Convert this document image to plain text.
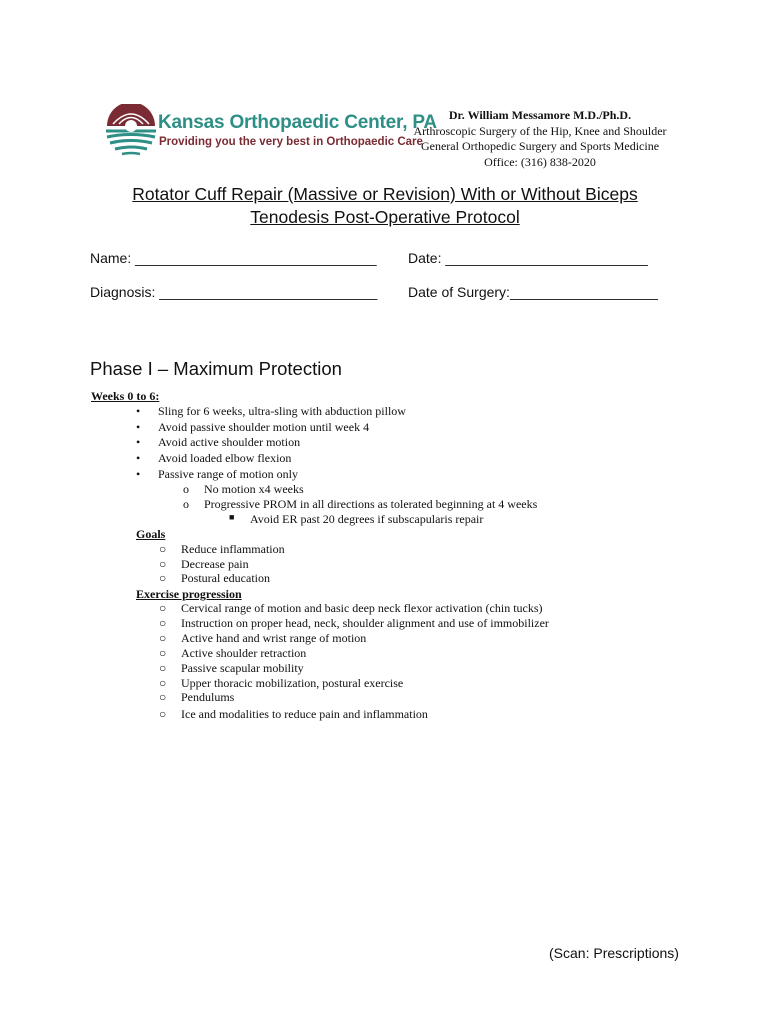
Kansas Orthopaedic Center, PA
Providing you the very best in Orthopaedic Care
Dr. William Messamore M.D./Ph.D.
Arthroscopic Surgery of the Hip, Knee and Shoulder
General Orthopedic Surgery and Sports Medicine
Office: (316) 838-2020
Rotator Cuff Repair (Massive or Revision) With or Without Biceps
Tenodesis Post-Operative Protocol
Name: _______________________________ Date: __________________________
Diagnosis: ____________________________ Date of Surgery:___________________
Phase I – Maximum Protection
Weeks 0 to 6:
• Sling for 6 weeks, ultra-sling with abduction pillow
• Avoid passive shoulder motion until week 4
• Avoid active shoulder motion
• Avoid loaded elbow flexion
• Passive range of motion only
o No motion x4 weeks
o Progressive PROM in all directions as tolerated beginning at 4 weeks
■ Avoid ER past 20 degrees if subscapularis repair
Goals
○ Reduce inflammation
○ Decrease pain
○ Postural education
Exercise progression
○ Cervical range of motion and basic deep neck flexor activation (chin tucks)
○ Instruction on proper head, neck, shoulder alignment and use of immobilizer
○ Active hand and wrist range of motion
○ Active shoulder retraction
○ Passive scapular mobility
○ Upper thoracic mobilization, postural exercise
○ Pendulums
○ Ice and modalities to reduce pain and inflammation
(Scan: Prescriptions)
